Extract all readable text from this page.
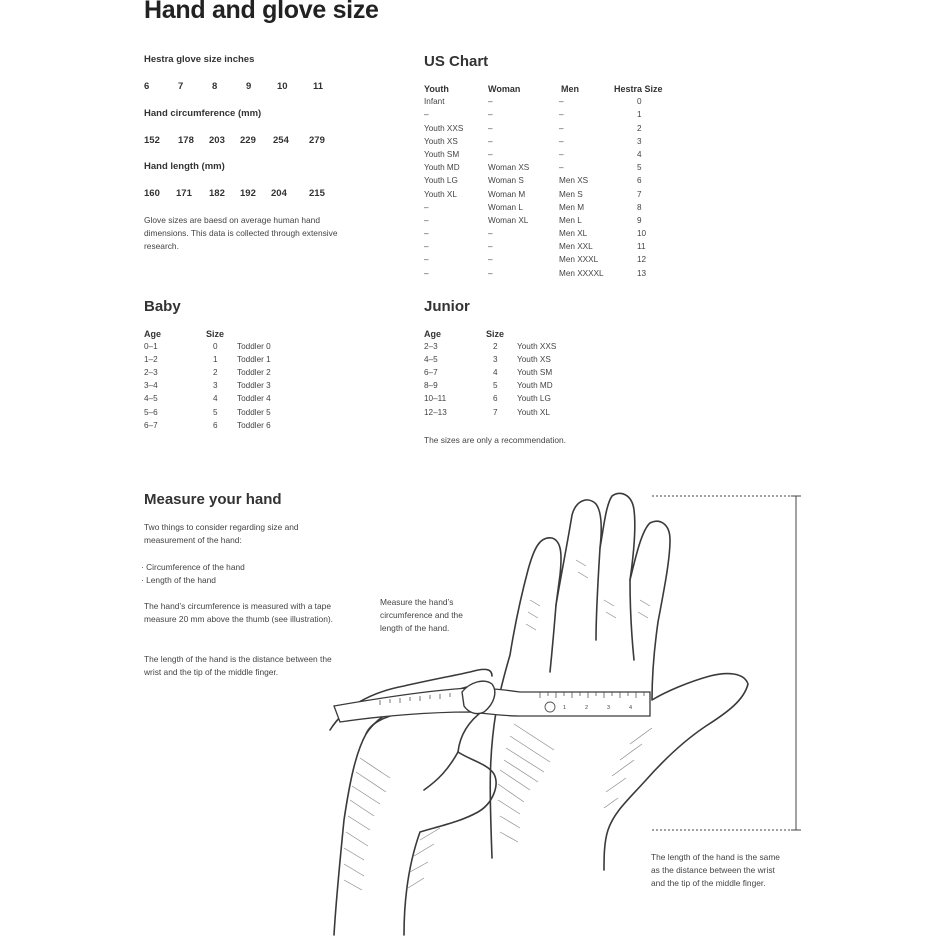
Hand and glove size
Hestra glove size inches
6	7	8	9	10	11
Hand circumference (mm)
152	178	203	229	254	279
Hand length (mm)
160	171	182	192	204	215
Glove sizes are baesd on average human hand dimensions. This data is collected through extensive research.
US Chart
Youth	Woman	Men	Hestra Size
Infant	–	–	0
–	–	–	1
Youth XXS	–	–	2
Youth XS	–	–	3
Youth SM	–	–	4
Youth MD	Woman XS	–	5
Youth LG	Woman S	Men XS	6
Youth XL	Woman M	Men S	7
–	Woman L	Men M	8
–	Woman XL	Men L	9
–	–	Men XL	10
–	–	Men XXL	11
–	–	Men XXXL	12
–	–	Men XXXXL	13
Baby
Age	Size
0–1	0 Toddler 0
1–2	1 Toddler 1
2–3	2 Toddler 2
3–4	3 Toddler 3
4–5	4 Toddler 4
5–6	5 Toddler 5
6–7	6 Toddler 6
Junior
Age	Size
2–3	2 Youth XXS
4–5	3 Youth XS
6–7	4 Youth SM
8–9	5 Youth MD
10–11	6 Youth LG
12–13	7 Youth XL
The sizes are only a recommendation.
Measure your hand
Two things to consider regarding size and measurement of the hand:
· Circumference of the hand
· Length of the hand
The hand’s circumference is measured with a tape measure 20 mm above the thumb (see illustration).
The length of the hand is the distance between the wrist and the tip of the middle finger.
1	2	3	4
Measure the hand’s circumference and the length of the hand.
The length of the hand is the same as the distance between the wrist and the tip of the middle finger.
